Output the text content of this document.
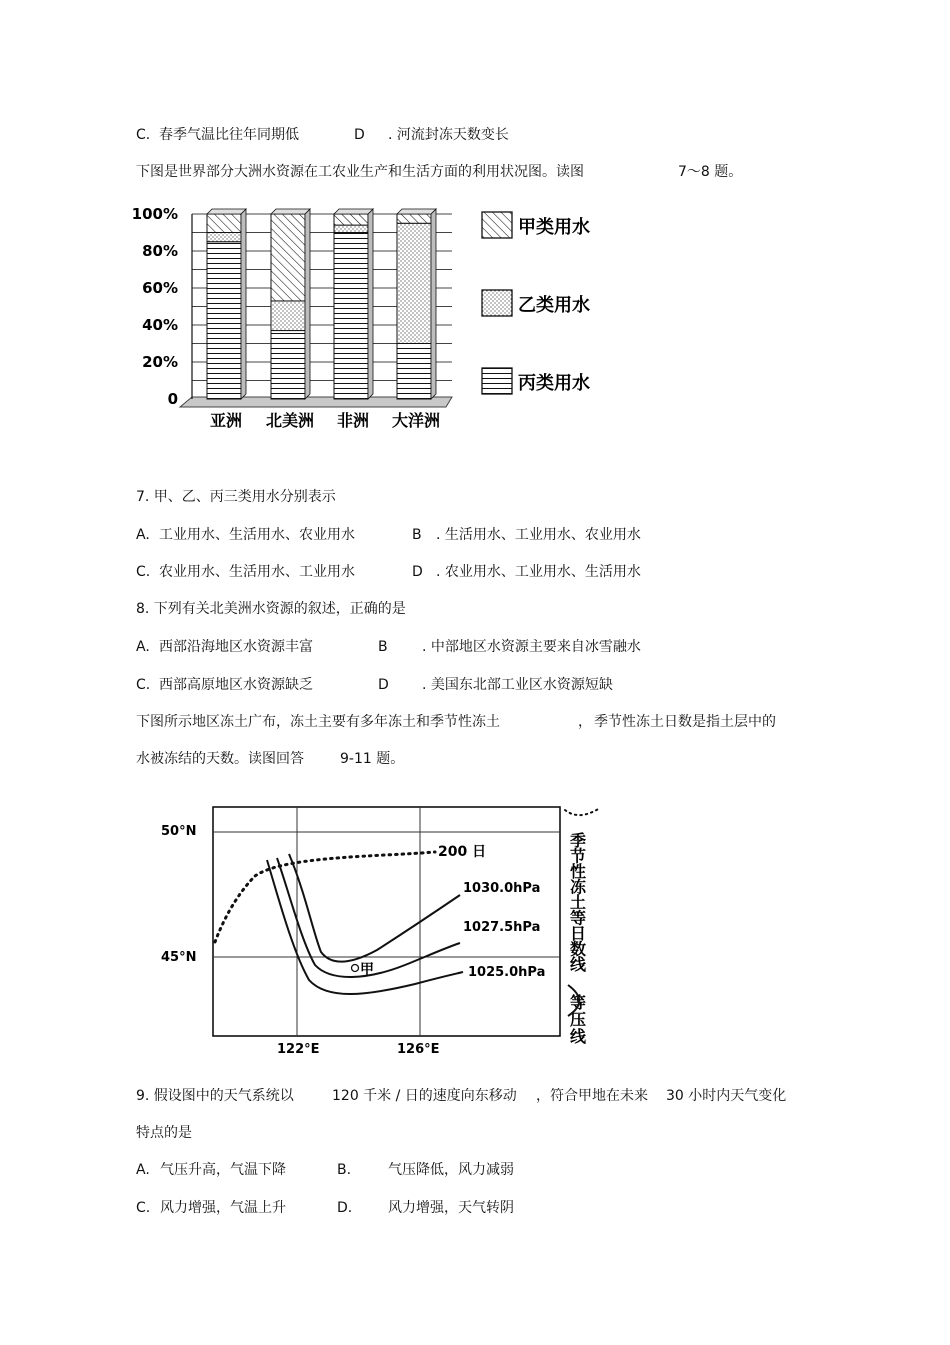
C. 春季气温比往年同期低	D . 河流封冻天数变长
下图是世界部分大洲水资源在工农业生产和生活方面的利用状况图。读图	7～8 题。
0
20%
40%
60%
80%
100%
亚洲 北美洲 非洲 大洋洲
甲类用水
乙类用水
丙类用水
7. 甲、乙、丙三类用水分别表示
A. 工业用水、生活用水、农业用水	B . 生活用水、工业用水、农业用水
C. 农业用水、生活用水、工业用水	D . 农业用水、工业用水、生活用水
8. 下列有关北美洲水资源的叙述，正确的是
A. 西部沿海地区水资源丰富	B . 中部地区水资源主要来自冰雪融水
C. 西部高原地区水资源缺乏	D . 美国东北部工业区水资源短缺
下图所示地区冻土广布，冻土主要有多年冻土和季节性冻土	， 季节性冻土日数是指土层中的
水被冻结的天数。读图回答	9-11 题。
50°N
45°N
122°E	126°E
200 日
1030.0hPa
1027.5hPa
1025.0hPa
甲
季
节
性
冻
土
等
日
数
线
等
压
线
9. 假设图中的天气系统以	120 千米 / 日的速度向东移动 ，符合甲地在未来 30 小时内天气变化
特点的是
A. 气压升高，气温下降	B.	气压降低，风力减弱
C. 风力增强，气温上升	D.	风力增强，天气转阴
